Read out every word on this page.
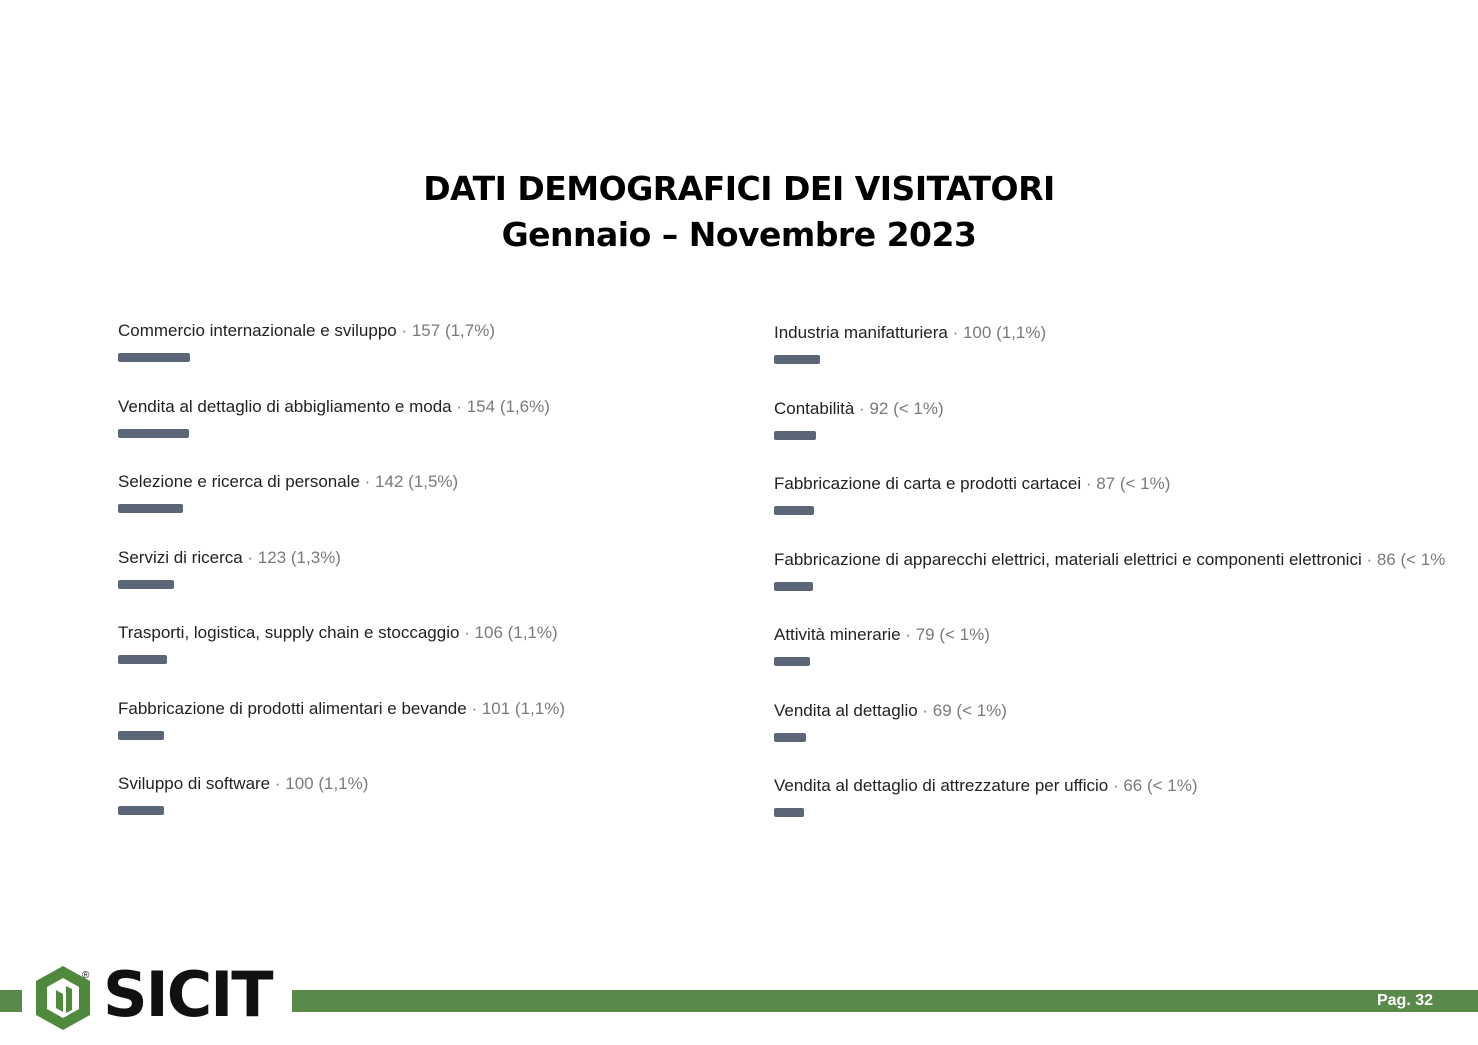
DATI DEMOGRAFICI DEI VISITATORI
Gennaio – Novembre 2023
Commercio internazionale e sviluppo · 157 (1,7%)
Vendita al dettaglio di abbigliamento e moda · 154 (1,6%)
Selezione e ricerca di personale · 142 (1,5%)
Servizi di ricerca · 123 (1,3%)
Trasporti, logistica, supply chain e stoccaggio · 106 (1,1%)
Fabbricazione di prodotti alimentari e bevande · 101 (1,1%)
Sviluppo di software · 100 (1,1%)
Industria manifatturiera · 100 (1,1%)
Contabilità · 92 (< 1%)
Fabbricazione di carta e prodotti cartacei · 87 (< 1%)
Fabbricazione di apparecchi elettrici, materiali elettrici e componenti elettronici · 86 (< 1%
Attività minerarie · 79 (< 1%)
Vendita al dettaglio · 69 (< 1%)
Vendita al dettaglio di attrezzature per ufficio · 66 (< 1%)
Pag. 32
® SICIT
